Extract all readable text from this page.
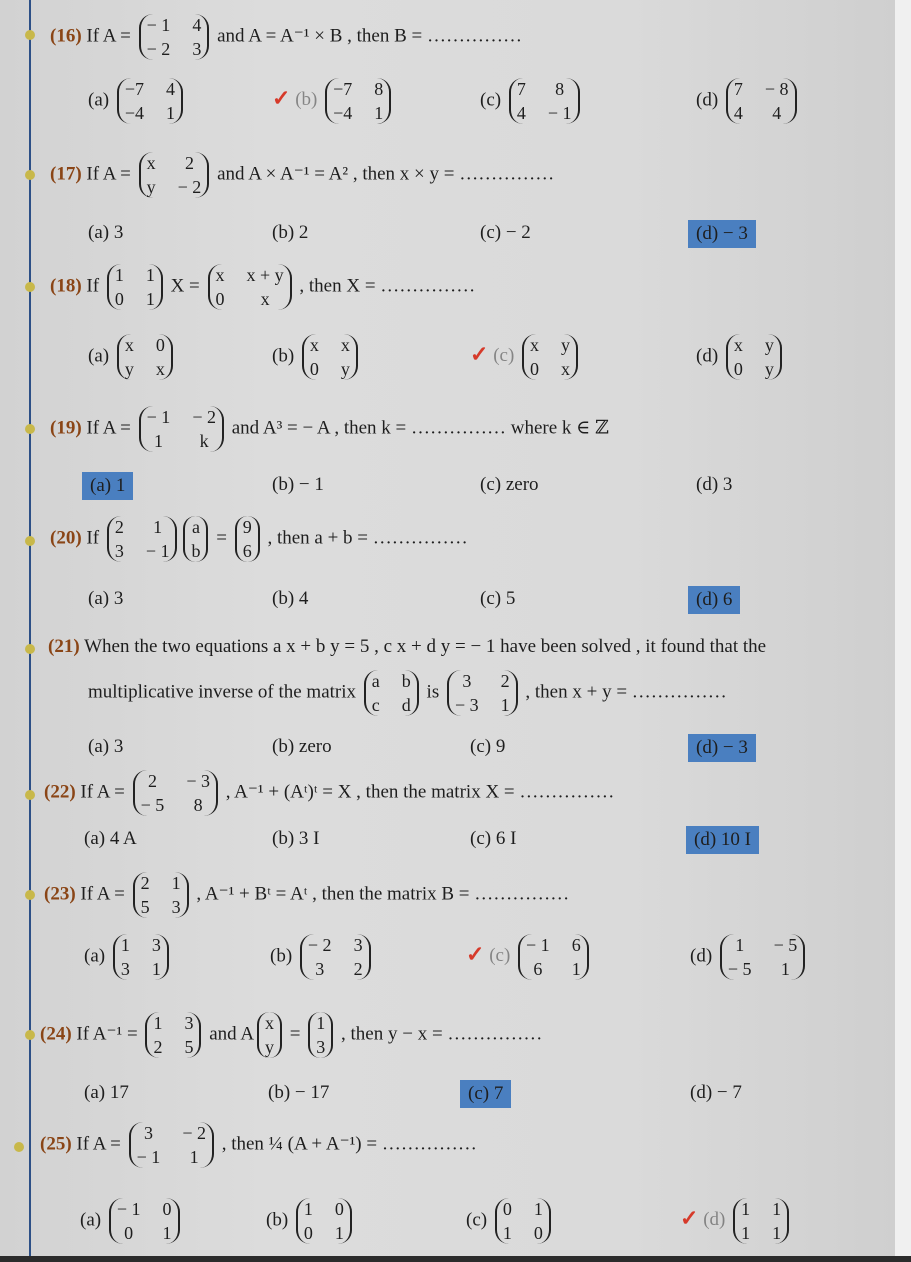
(16) If A =
− 1 4
− 2 3
and A = A⁻¹ × B , then B = ……………
(a)
−7 4
−4 1
✓ (b)
−7 8
−4 1
(c)
7	8
4 − 1
(d)
7 − 8
4	4
(17) If A =
x	2
y − 2
and A × A⁻¹ = A² , then x × y = ……………
(a) 3	(b) 2	(c) − 2	(d) − 3
(18) If
1 1
0 1
X =
x x + y
0	x
, then X = ……………
(a)
x 0
y x
(b)
x x
0 y
✓ (c)
x y
0 x
(d)
x y
0 y
(19) If A =
− 1 − 2
1	k
and A³ = − A , then k = …………… where k ∈ ℤ
(a) 1	(b) − 1	(c) zero	(d) 3
(20) If
2	1
3 − 1
a
b
=
9
6
, then a + b = ……………
(a) 3	(b) 4	(c) 5	(d) 6
(21) When the two equations a x + b y = 5 , c x + d y = − 1 have been solved , it found that the
multiplicative inverse of the matrix
a b
c d
is
3	2
− 3 1
, then x + y = ……………
(a) 3	(b) zero	(c) 9	(d) − 3
(22) If A =
2	− 3
− 5	8
, A⁻¹ + (Aᵗ)ᵗ = X , then the matrix X = ……………
(a) 4 A	(b) 3 I	(c) 6 I	(d) 10 I
(23) If A =
2 1
5 3
, A⁻¹ + Bᵗ = Aᵗ , then the matrix B = ……………
(a)
1 3
3 1
(b)
− 2 3
3	2
✓ (c)
− 1 6
6	1
(d)
1	− 5
− 5	1
(24) If A⁻¹ =
1 3
2 5
and A
x
y
=
1
3
, then y − x = ……………
(a) 17	(b) − 17	(c) 7	(d) − 7
(25) If A =
3	− 2
− 1	1
, then ¼ (A + A⁻¹) = ……………
(a)
− 1 0
0	1
(b)
1 0
0 1
(c)
0 1
1 0
✓ (d)
1 1
1 1
